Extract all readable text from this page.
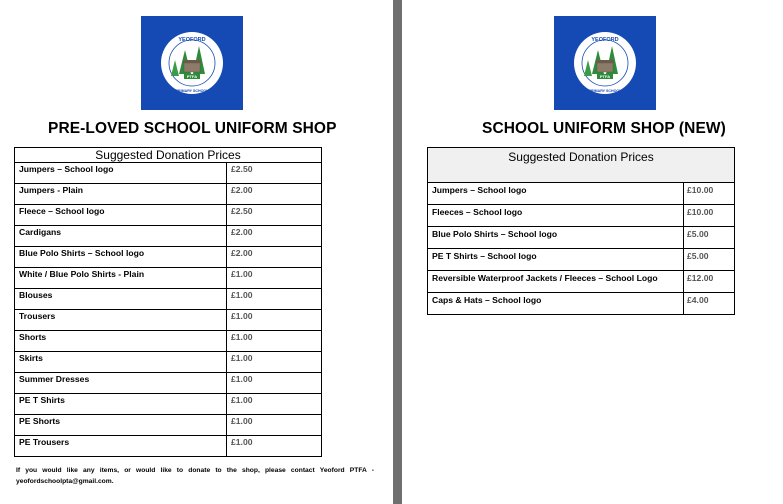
YEOFORD
PRIMARY SCHOOL
PTFA
PRE-LOVED SCHOOL UNIFORM SHOP
Suggested Donation Prices	
Jumpers – School logo	£2.50
Jumpers - Plain	£2.00
Fleece – School logo	£2.50
Cardigans	£2.00
Blue Polo Shirts – School logo	£2.00
White / Blue Polo Shirts - Plain	£1.00
Blouses	£1.00
Trousers	£1.00
Shorts	£1.00
Skirts	£1.00
Summer Dresses	£1.00
PE T Shirts	£1.00
PE Shorts	£1.00
PE Trousers	£1.00
If you would like any items, or would like to donate to the shop, please contact Yeoford PTFA - yeofordschoolpta@gmail.com.
YEOFORD
PRIMARY SCHOOL
PTFA
SCHOOL UNIFORM SHOP (NEW)
Suggested Donation Prices	
Jumpers – School logo	£10.00
Fleeces – School logo	£10.00
Blue Polo Shirts – School logo	£5.00
PE T Shirts – School logo	£5.00
Reversible Waterproof Jackets / Fleeces – School Logo	£12.00
Caps & Hats – School logo	£4.00
